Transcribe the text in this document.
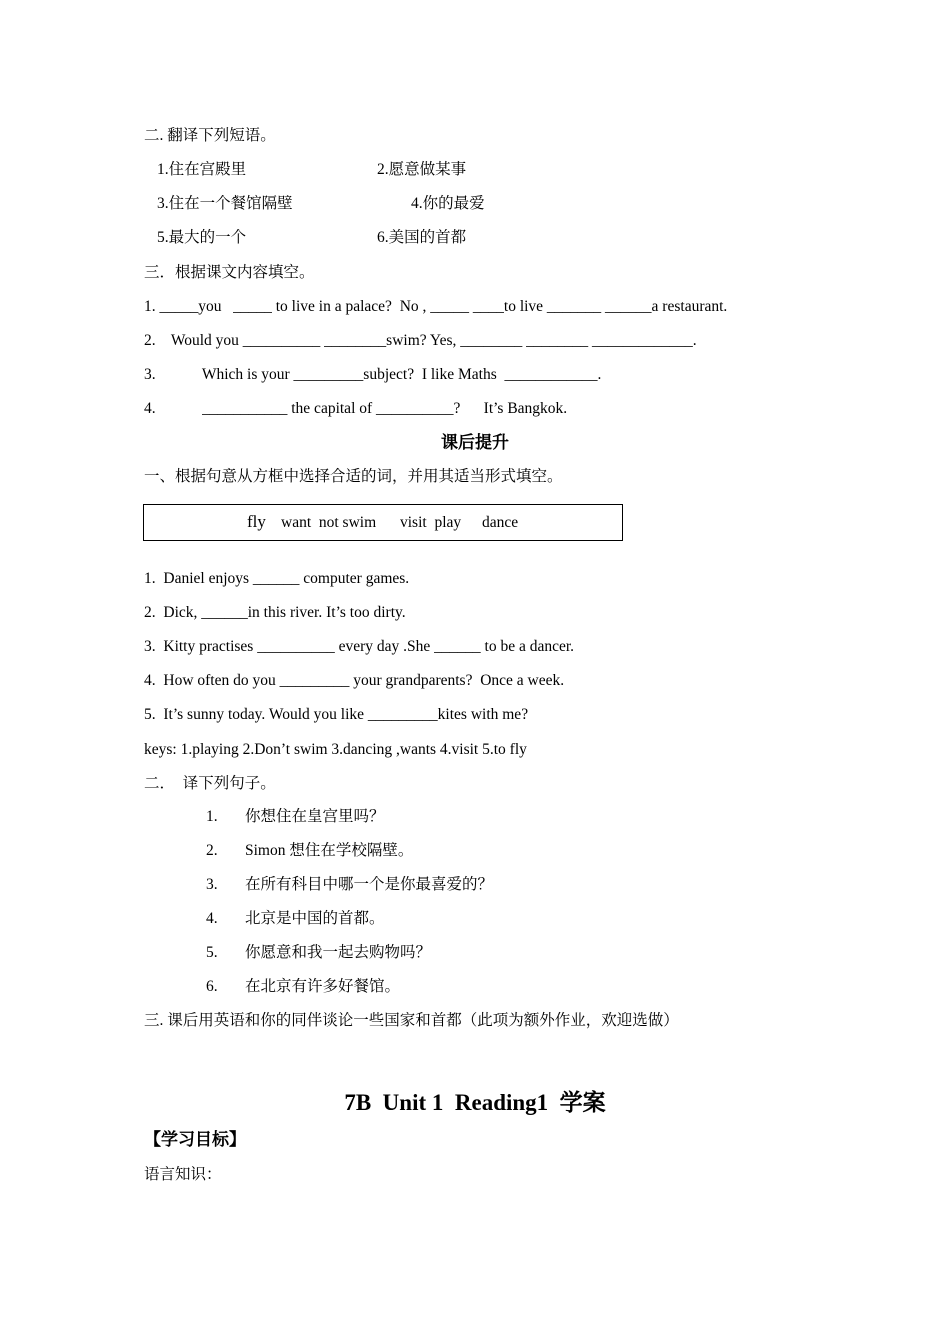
二. 翻译下列短语。
1.住在宫殿里	2.愿意做某事
3.住在一个餐馆隔壁	4.你的最爱
5.最大的一个	6.美国的首都
三．根据课文内容填空。
1. _____you   _____ to live in a palace?  No , _____ ____to live _______ ______a restaurant.
2.    Would you __________ ________swim? Yes, ________ ________ _____________.
3.            Which is your _________subject?  I like Maths  ____________.
4.            ___________ the capital of __________?      It’s Bangkok.
课后提升
一、根据句意从方框中选择合适的词，并用其适当形式填空。
fly want  not swim visit  play dance
1.  Daniel enjoys ______ computer games.
2.  Dick, ______in this river. It’s too dirty.
3.  Kitty practises __________ every day .She ______ to be a dancer.
4.  How often do you _________ your grandparents?  Once a week.
5.  It’s sunny today. Would you like _________kites with me?
keys: 1.playing 2.Don’t swim 3.dancing ,wants 4.visit 5.to fly
二．  译下列句子。
1. 你想住在皇宫里吗？
2. Simon 想住在学校隔壁。
3. 在所有科目中哪一个是你最喜爱的？
4. 北京是中国的首都。
5. 你愿意和我一起去购物吗？
6. 在北京有许多好餐馆。
三. 课后用英语和你的同伴谈论一些国家和首都（此项为额外作业，欢迎选做）
7B  Unit 1  Reading1  学案
【学习目标】
语言知识：
